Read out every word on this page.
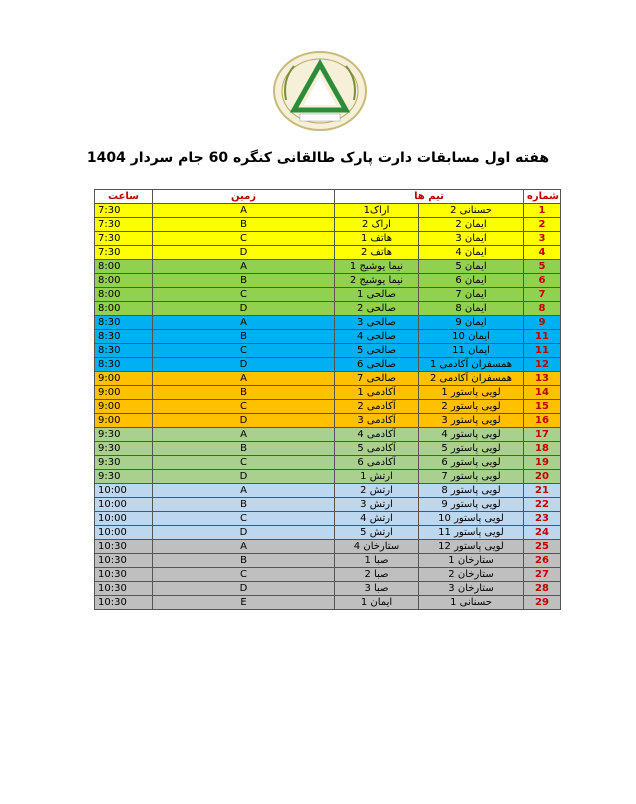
هفته اول مسابقات دارت پارک طالقانی کنگره 60 جام سردار 1404
ساعت	زمین	تیم ها		شماره
7:30	A	اراک1	حسنانی 2	1
7:30	B	اراک 2	ایمان 2	2
7:30	C	هاتف 1	ایمان 3	3
7:30	D	هاتف 2	ایمان 4	4
8:00	A	نیما یوشیج 1	ایمان 5	5
8:00	B	نیما یوشیج 2	ایمان 6	6
8:00	C	صالحی 1	ایمان 7	7
8:00	D	صالحی 2	ایمان 8	8
8:30	A	صالحی 3	ایمان 9	9
8:30	B	صالحی 4	ایمان 10	11
8:30	C	صالحی 5	ایمان 11	11
8:30	D	صالحی 6	همسفران آکادمی 1	12
9:00	A	صالحی 7	همسفران آکادمی 2	13
9:00	B	آکادمی 1	لویی پاستور 1	14
9:00	C	آکادمی 2	لویی پاستور 2	15
9:00	D	آکادمی 3	لویی پاستور 3	16
9:30	A	آکادمی 4	لویی پاستور 4	17
9:30	B	آکادمی 5	لویی پاستور 5	18
9:30	C	آکادمی 6	لویی پاستور 6	19
9:30	D	ارتش 1	لویی پاستور 7	20
10:00	A	ارتش 2	لویی پاستور 8	21
10:00	B	ارتش 3	لویی پاستور 9	22
10:00	C	ارتش 4	لویی پاستور 10	23
10:00	D	ارتش 5	لویی پاستور 11	24
10:30	A	ستارخان 4	لویی پاستور 12	25
10:30	B	صبا 1	ستارخان 1	26
10:30	C	صبا 2	ستارخان 2	27
10:30	D	صبا 3	ستارخان 3	28
10:30	E	ایمان 1	حسنانی 1	29
